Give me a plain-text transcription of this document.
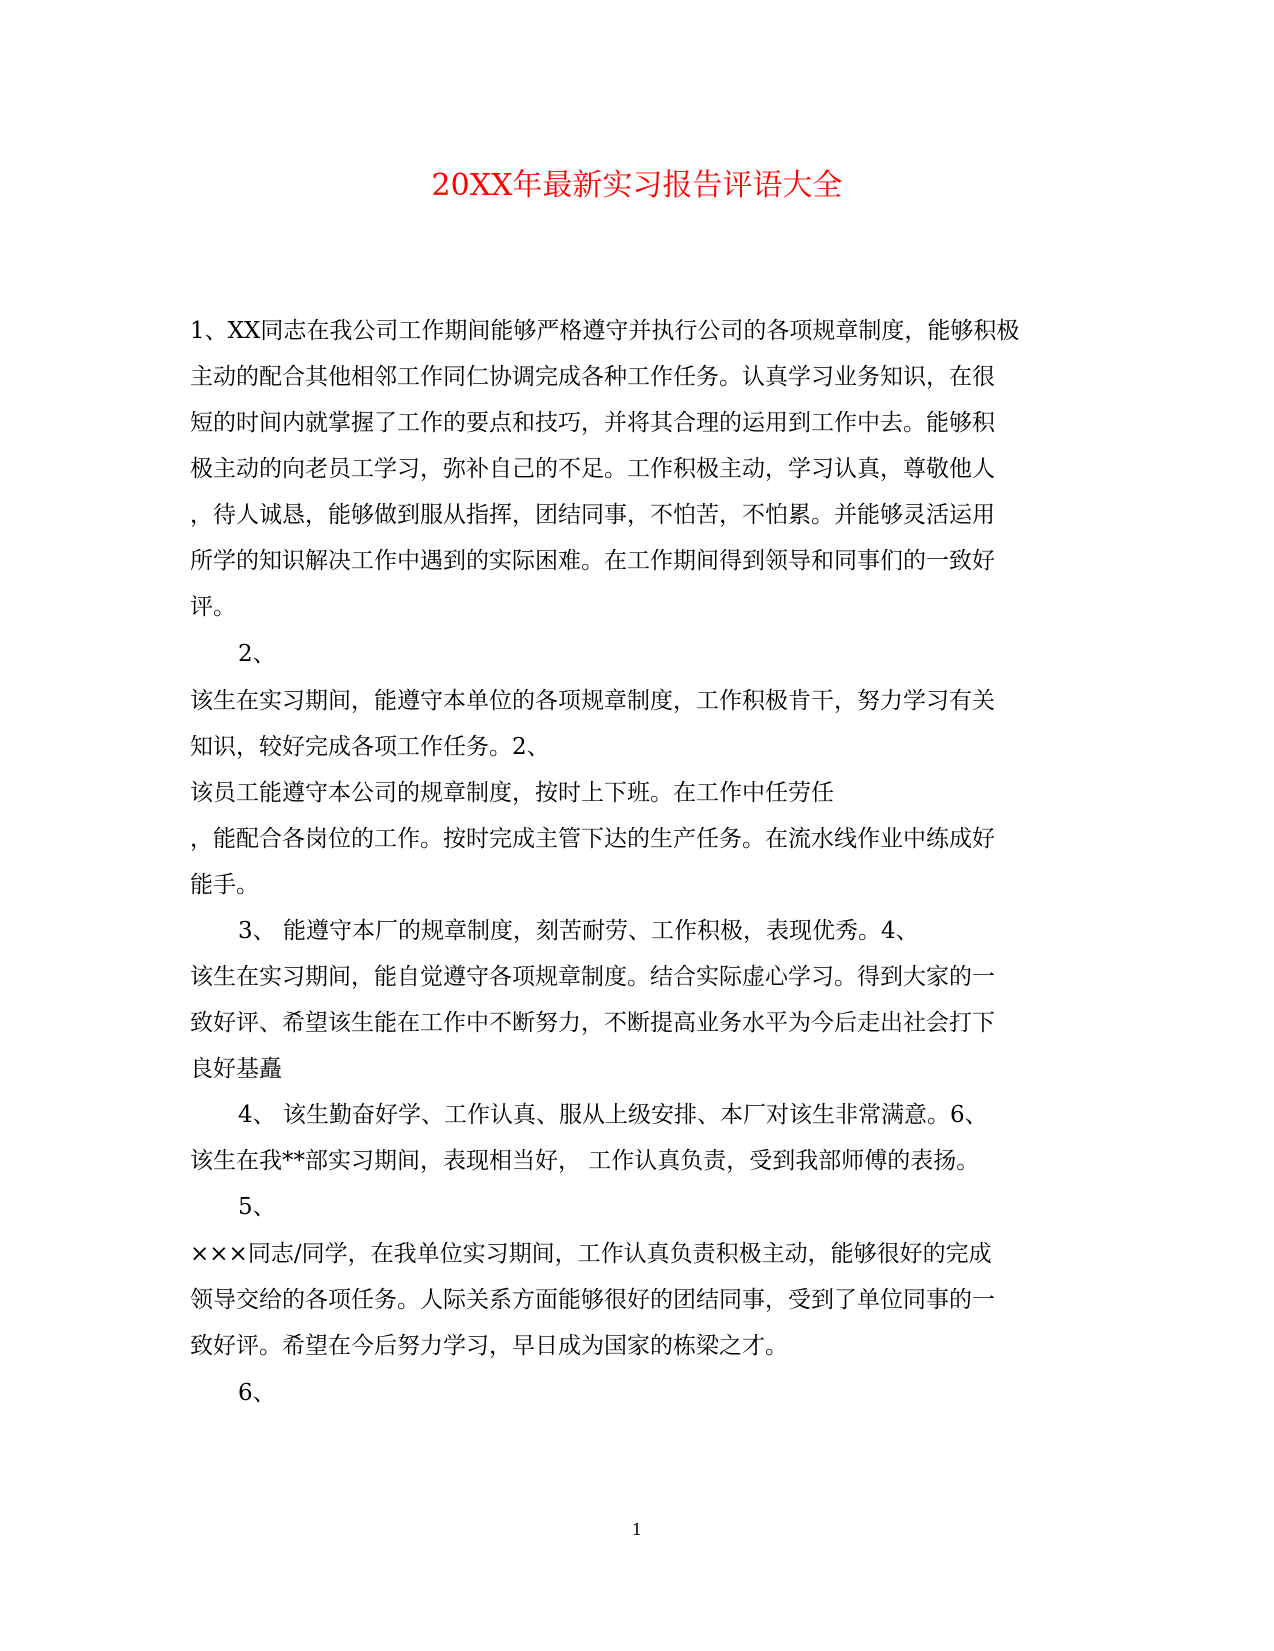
20XX年最新实习报告评语大全

1、XX同志在我公司工作期间能够严格遵守并执行公司的各项规章制度，能够积极

主动的配合其他相邻工作同仁协调完成各种工作任务。认真学习业务知识，在很

短的时间内就掌握了工作的要点和技巧，并将其合理的运用到工作中去。能够积

极主动的向老员工学习，弥补自己的不足。工作积极主动，学习认真，尊敬他人

，待人诚恳，能够做到服从指挥，团结同事，不怕苦，不怕累。并能够灵活运用

所学的知识解决工作中遇到的实际困难。在工作期间得到领导和同事们的一致好

评。

2、

该生在实习期间，能遵守本单位的各项规章制度，工作积极肯干，努力学习有关

知识，较好完成各项工作任务。2、

该员工能遵守本公司的规章制度，按时上下班。在工作中任劳任

，能配合各岗位的工作。按时完成主管下达的生产任务。在流水线作业中练成好

能手。

3、 能遵守本厂的规章制度，刻苦耐劳、工作积极，表现优秀。4、

该生在实习期间，能自觉遵守各项规章制度。结合实际虚心学习。得到大家的一

致好评、希望该生能在工作中不断努力，不断提高业务水平为今后走出社会打下

良好基矗

4、 该生勤奋好学、工作认真、服从上级安排、本厂对该生非常满意。6、

该生在我**部实习期间，表现相当好， 工作认真负责，受到我部师傅的表扬。

5、

×××同志/同学，在我单位实习期间，工作认真负责积极主动，能够很好的完成

领导交给的各项任务。人际关系方面能够很好的团结同事，受到了单位同事的一

致好评。希望在今后努力学习，早日成为国家的栋梁之才。

6、

1
